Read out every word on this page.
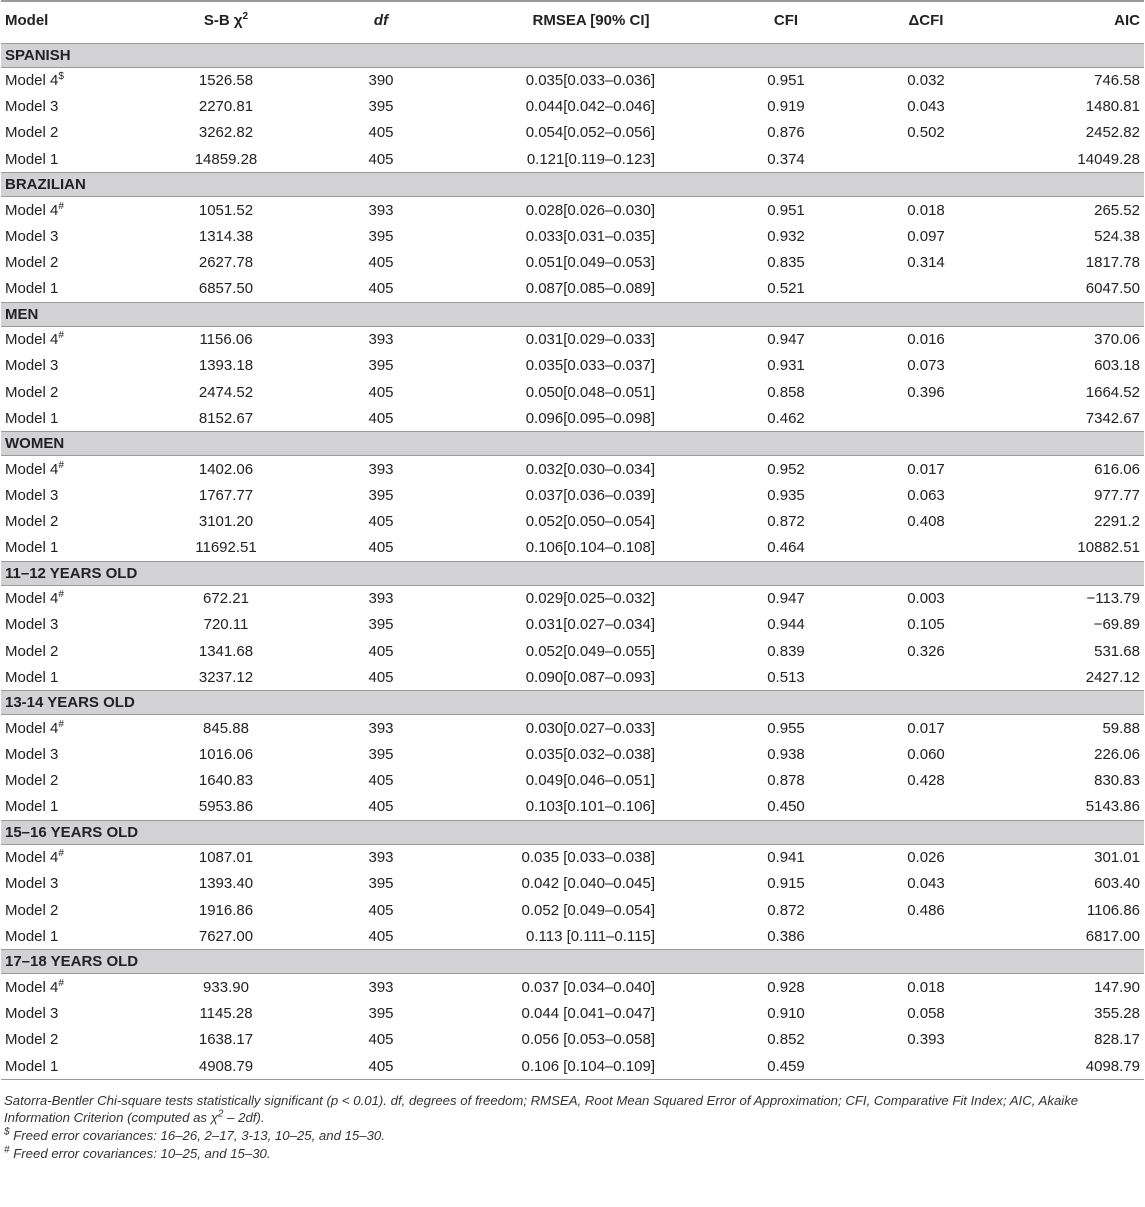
Model	S-B $\chi^2$	df	RMSEA [90% CI]	CFI	ΔCFI	AIC
SPANISH						
Model 4$	1526.58	390	0.035[0.033–0.036]	0.951	0.032	746.58
Model 3	2270.81	395	0.044[0.042–0.046]	0.919	0.043	1480.81
Model 2	3262.82	405	0.054[0.052–0.056]	0.876	0.502	2452.82
Model 1	14859.28	405	0.121[0.119–0.123]	0.374		14049.28
BRAZILIAN						
Model 4#	1051.52	393	0.028[0.026–0.030]	0.951	0.018	265.52
Model 3	1314.38	395	0.033[0.031–0.035]	0.932	0.097	524.38
Model 2	2627.78	405	0.051[0.049–0.053]	0.835	0.314	1817.78
Model 1	6857.50	405	0.087[0.085–0.089]	0.521		6047.50
MEN						
Model 4#	1156.06	393	0.031[0.029–0.033]	0.947	0.016	370.06
Model 3	1393.18	395	0.035[0.033–0.037]	0.931	0.073	603.18
Model 2	2474.52	405	0.050[0.048–0.051]	0.858	0.396	1664.52
Model 1	8152.67	405	0.096[0.095–0.098]	0.462		7342.67
WOMEN						
Model 4#	1402.06	393	0.032[0.030–0.034]	0.952	0.017	616.06
Model 3	1767.77	395	0.037[0.036–0.039]	0.935	0.063	977.77
Model 2	3101.20	405	0.052[0.050–0.054]	0.872	0.408	2291.2
Model 1	11692.51	405	0.106[0.104–0.108]	0.464		10882.51
11–12 YEARS OLD						
Model 4#	672.21	393	0.029[0.025–0.032]	0.947	0.003	−113.79
Model 3	720.11	395	0.031[0.027–0.034]	0.944	0.105	−69.89
Model 2	1341.68	405	0.052[0.049–0.055]	0.839	0.326	531.68
Model 1	3237.12	405	0.090[0.087–0.093]	0.513		2427.12
13-14 YEARS OLD						
Model 4#	845.88	393	0.030[0.027–0.033]	0.955	0.017	59.88
Model 3	1016.06	395	0.035[0.032–0.038]	0.938	0.060	226.06
Model 2	1640.83	405	0.049[0.046–0.051]	0.878	0.428	830.83
Model 1	5953.86	405	0.103[0.101–0.106]	0.450		5143.86
15–16 YEARS OLD						
Model 4#	1087.01	393	0.035 [0.033–0.038]	0.941	0.026	301.01
Model 3	1393.40	395	0.042 [0.040–0.045]	0.915	0.043	603.40
Model 2	1916.86	405	0.052 [0.049–0.054]	0.872	0.486	1106.86
Model 1	7627.00	405	0.113 [0.111–0.115]	0.386		6817.00
17–18 YEARS OLD						
Model 4#	933.90	393	0.037 [0.034–0.040]	0.928	0.018	147.90
Model 3	1145.28	395	0.044 [0.041–0.047]	0.910	0.058	355.28
Model 2	1638.17	405	0.056 [0.053–0.058]	0.852	0.393	828.17
Model 1	4908.79	405	0.106 [0.104–0.109]	0.459		4098.79

Satorra-Bentler Chi-square tests statistically significant (p < 0.01). df, degrees of freedom; RMSEA, Root Mean Squared Error of Approximation; CFI, Comparative Fit Index; AIC, Akaike Information Criterion (computed as $\chi^2 - 2df$).

$ Freed error covariances: 16–26, 2–17, 3-13, 10–25, and 15–30.

# Freed error covariances: 10–25, and 15–30.
